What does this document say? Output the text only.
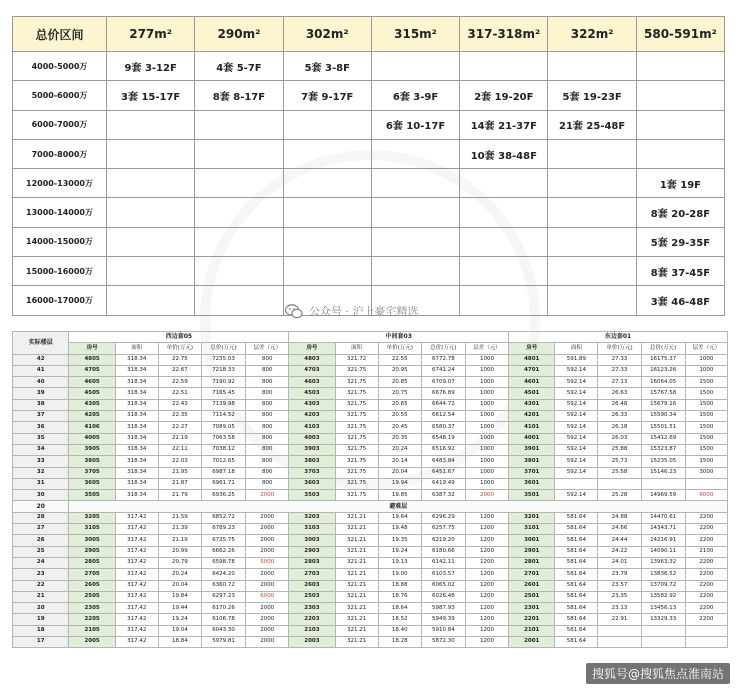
总价区间	277m²	290m²	302m²	315m²	317-318m²	322m²	580-591m²
4000-5000万	9套 3-12F	4套 5-7F	5套 3-8F				
5000-6000万	3套 15-17F	8套 8-17F	7套 9-17F	6套 3-9F	2套 19-20F	5套 19-23F	
6000-7000万				6套 10-17F	14套 21-37F	21套 25-48F	
7000-8000万					10套 38-48F		
12000-13000万							1套 19F
13000-14000万							8套 20-28F
14000-15000万							5套 29-35F
15000-16000万							8套 37-45F
16000-17000万							3套 46-48F
公众号 · 沪上豪宅精选
实际楼层	西边套05					中间套03					东边套01				
	房号	面积	单价(万元)	总价(万元)	层差（元）	房号	面积	单价(万元)	总价(万元)	层差（元）	房号	面积	单价(万元)	总价(万元)	层差（元）
42	4805	318.34	22.75	7235.03	800	4803	321.72	22.55	6772.78	1000	4801	591.89	27.33	16175.37	1000
41	4705	318.34	22.67	7218.33	800	4703	321.75	20.95	6741.24	1000	4701	592.14	27.33	16123.26	1000
40	4605	318.34	22.59	7190.92	800	4603	321.75	20.85	6709.07	1000	4601	592.14	27.13	16064.05	1500
39	4505	318.34	22.51	7165.45	800	4503	321.75	20.75	6676.89	1000	4501	592.14	26.63	15767.58	1500
38	4305	318.34	22.43	7139.98	800	4303	321.75	20.65	6644.72	1000	4301	592.14	26.48	15679.16	1500
37	4205	318.34	22.35	7114.52	800	4203	321.75	20.55	6612.54	1000	4201	592.14	26.33	15590.34	1500
36	4106	318.34	22.27	7089.05	800	4103	321.75	20.45	6580.37	1000	4101	592.14	26.18	15501.51	1500
35	4005	318.34	22.19	7063.58	800	4003	321.75	20.35	6548.19	1000	4001	592.14	26.03	15412.69	1500
34	3905	318.34	22.11	7038.12	800	3903	321.75	20.24	6516.92	1000	3901	592.14	25.88	15323.87	1500
33	3805	318.34	22.03	7012.65	800	3803	321.75	20.14	6483.84	1000	3801	592.14	25.73	15235.05	1500
32	3705	318.34	21.95	6987.18	800	3703	321.75	20.04	6451.67	1000	3701	592.14	25.58	15146.23	3000
31	3605	318.34	21.87	6961.71	800	3603	321.75	19.94	6419.49	1000	3601				
30	3505	318.34	21.79	6936.25	2000	3503	321.75	19.85	6387.32	2000	3501	592.14	25.28	14969.59	6000
20	避难层														
28	3205	317.42	21.59	6852.72	2000	3203	321.21	19.64	6296.29	1200	3201	581.64	24.88	14470.61	2200
27	3105	317.42	21.39	6789.23	2000	3103	321.21	19.48	6257.75	1200	3101	581.64	24.66	14343.71	2200
26	3005	317.42	21.19	6725.75	2000	3003	321.21	19.35	6219.20	1200	3001	581.64	24.44	14216.91	2200
25	2905	317.42	20.99	6662.26	2000	2903	321.21	19.24	6180.66	1200	2901	581.64	24.22	14090.11	2100
24	2805	317.42	20.79	6598.78	5000	2803	321.21	19.13	6142.11	1200	2801	581.64	24.01	13963.32	2200
23	2705	317.42	20.24	6424.20	2000	2703	321.21	19.00	6103.57	1200	2701	581.64	23.79	13836.52	2200
22	2605	317.42	20.04	6360.72	2000	2603	321.21	18.88	6065.02	1200	2601	581.64	23.57	13709.72	2200
21	2505	317.42	19.84	6297.23	6000	2503	321.21	18.76	6026.48	1200	2501	581.64	23.35	13582.92	2200
20	2305	317.42	19.44	6170.26	2000	2303	321.21	18.64	5987.93	1200	2301	581.64	23.13	13456.13	2200
19	2205	317.42	19.24	6106.78	2000	2203	321.21	18.52	5949.39	1200	2201	581.64	22.91	13329.33	2200
18	2105	317.42	19.04	6043.30	2000	2103	321.21	18.40	5910.84	1200	2101	581.64			
17	2005	317.42	18.84	5979.81	2000	2003	321.21	18.28	5872.30	1200	2001	581.64			
搜狐号@搜狐焦点淮南站
